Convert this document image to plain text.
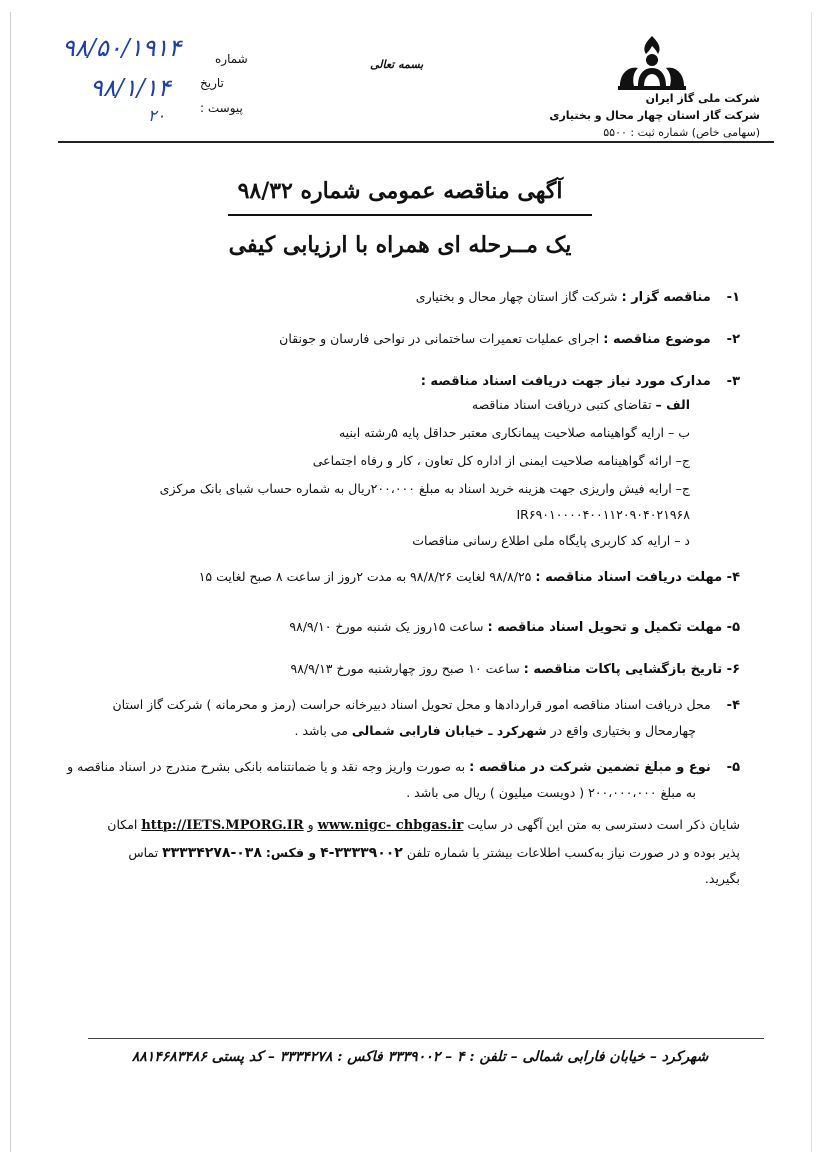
شماره
تاریخ
پیوست :
۹۸/۵۰/۱۹۱۴
۹۸/۱/۱۴
۲۰
بسمه تعالی
شرکت ملی گاز ایران
شرکت گاز استان چهار محال و بختیاری
(سهامی خاص) شماره ثبت : ۵۵۰۰
آگهی مناقصه عمومی شماره ۹۸/۳۲
یک مــرحله ای همراه با ارزیابی کیفی
۱-    مناقصه گزار : شرکت گاز استان چهار محال و بختیاری
۲-    موضوع مناقصه : اجرای عملیات تعمیرات ساختمانی در نواحی فارسان و جونقان
۳-    مدارک مورد نیاز جهت دریافت اسناد مناقصه :
الف – تقاضای کتبی دریافت اسناد مناقصه
ب – ارایه گواهینامه صلاحیت پیمانکاری معتبر حداقل پایه ۵رشته ابنیه
ج– ارائه گواهینامه صلاحیت ایمنی از اداره کل تعاون ، کار و رفاه اجتماعی
ج– ارایه فیش واریزی جهت هزینه خرید اسناد به مبلغ ۲۰۰،۰۰۰ریال به شماره حساب شبای بانک مرکزی
IR۶۹۰۱۰۰۰۰۴۰۰۱۱۲۰۹۰۴۰۲۱۹۶۸
د – ارایه کد کاربری پایگاه ملی اطلاع رسانی مناقصات
۴- مهلت دریافت اسناد مناقصه : ۹۸/۸/۲۵ لغایت ۹۸/۸/۲۶ به مدت ۲روز از ساعت ۸ صبح لغایت ۱۵
۵- مهلت تکمیل و تحویل اسناد مناقصه : ساعت ۱۵روز یک شنبه مورخ ۹۸/۹/۱۰
۶- تاریخ بازگشایی پاکات مناقصه : ساعت ۱۰ صبح روز چهارشنبه مورخ ۹۸/۹/۱۳
۴-    محل دریافت اسناد مناقصه امور قراردادها و محل تحویل اسناد دبیرخانه حراست (رمز و محرمانه ) شرکت گاز استان
چهارمحال و بختیاری واقع در شهرکرد ـ خیابان فارابی شمالی می باشد .
۵-    نوع و مبلغ تضمین شرکت در مناقصه : به صورت واریز وجه نقد و یا ضمانتنامه بانکی بشرح مندرج در اسناد مناقصه و
به مبلغ ۲۰۰،۰۰۰،۰۰۰ ( دویست میلیون ) ریال می باشد .
شایان ذکر است دسترسی به متن این آگهی در سایت www.nigc- chbgas.ir و http://IETS.MPORG.IR امکان
پذیر بوده و در صورت نیاز به‌کسب اطلاعات بیشتر با شماره تلفن ۳۳۳۳۹۰۰۲-۴ و فکس: ۰۳۸-۳۳۳۳۴۲۷۸ تماس
بگیرید.
شهرکرد – خیابان فارابی شمالی – تلفن : ۴ – ۳۳۳۹۰۰۲ فاکس : ۳۳۳۴۲۷۸ – کد پستی ۸۸۱۴۶۸۳۴۸۶
